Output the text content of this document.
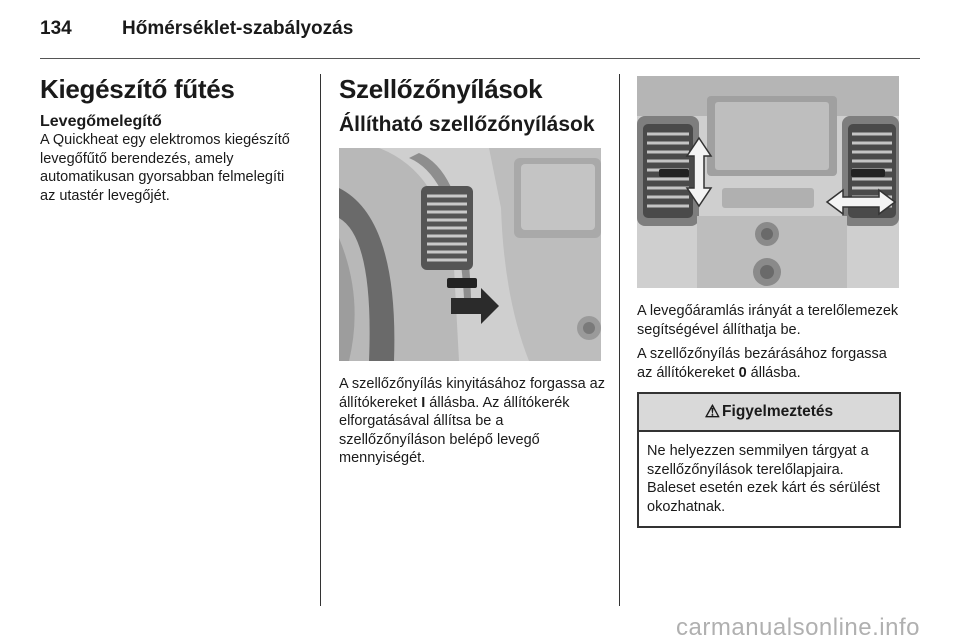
134	Hőmérséklet-szabályozás
Kiegészítő fűtés
Levegőmelegítő

A Quickheat egy elektromos kiegészítő levegőfűtő berendezés, amely automatikusan gyorsabban felmelegíti az utastér levegőjét.

Szellőzőnyílások
Állítható szellőzőnyílások

A szellőzőnyílás kinyitásához forgassa az állítókereket I állásba. Az állítókerék elforgatásával állítsa be a szellőzőnyíláson belépő levegő mennyiségét.

A levegőáramlás irányát a terelőlemezek segítségével állíthatja be.

A szellőzőnyílás bezárásához forgassa az állítókereket 0 állásba.

⚠ Figyelmeztetés

Ne helyezzen semmilyen tárgyat a szellőzőnyílások terelőlapjaira. Baleset esetén ezek kárt és sérülést okozhatnak.

carmanualsonline.info
